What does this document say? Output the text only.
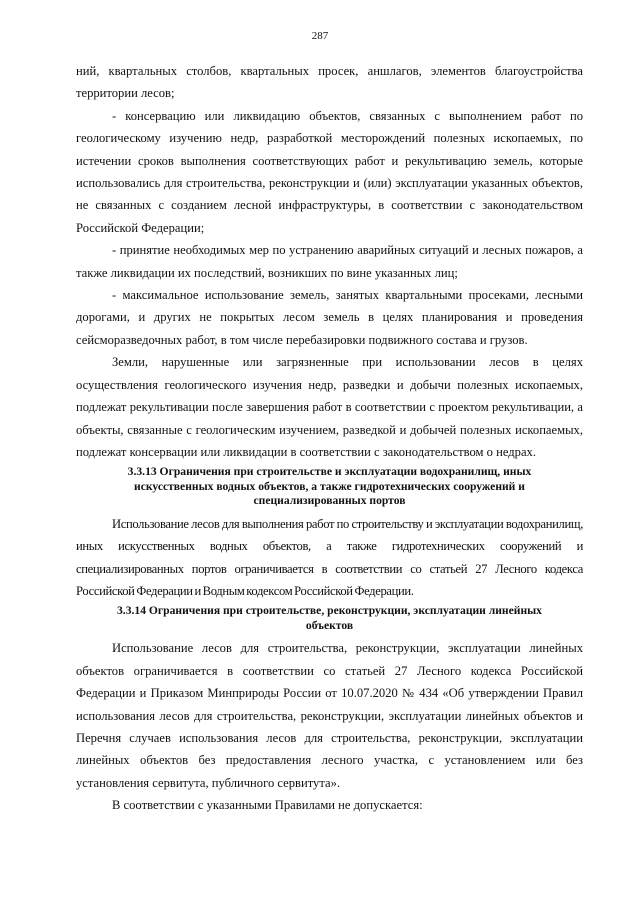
287

ний, квартальных столбов, квартальных просек, аншлагов, элементов благоустройства территории лесов;

- консервацию или ликвидацию объектов, связанных с выполнением работ по геологическому изучению недр, разработкой месторождений полезных ископаемых, по истечении сроков выполнения соответствующих работ и рекультивацию земель, которые использовались для строительства, реконструкции и (или) эксплуатации указанных объектов, не связанных с созданием лесной инфраструктуры, в соответствии с законодательством Российской Федерации;

- принятие необходимых мер по устранению аварийных ситуаций и лесных пожаров, а также ликвидации их последствий, возникших по вине указанных лиц;

- максимальное использование земель, занятых квартальными просеками, лесными дорогами, и других не покрытых лесом земель в целях планирования и проведения сейсморазведочных работ, в том числе перебазировки подвижного состава и грузов.

Земли, нарушенные или загрязненные при использовании лесов в целях осуществления геологического изучения недр, разведки и добычи полезных ископаемых, подлежат рекультивации после завершения работ в соответствии с проектом рекультивации, а объекты, связанные с геологическим изучением, разведкой и добычей полезных ископаемых, подлежат консервации или ликвидации в соответствии с законодательством о недрах.

3.3.13 Ограничения при строительстве и эксплуатации водохранилищ, иных искусственных водных объектов, а также гидротехнических сооружений и специализированных портов

Использование лесов для выполнения работ по строительству и эксплуатации водохранилищ, иных искусственных водных объектов, а также гидротехнических сооружений и специализированных портов ограничивается в соответствии со статьей 27 Лесного кодекса Российской Федерации и Водным кодексом Российской Федерации.

3.3.14 Ограничения при строительстве, реконструкции, эксплуатации линейных объектов

Использование лесов для строительства, реконструкции, эксплуатации линейных объектов ограничивается в соответствии со статьей 27 Лесного кодекса Российской Федерации и Приказом Минприроды России от 10.07.2020 № 434 «Об утверждении Правил использования лесов для строительства, реконструкции, эксплуатации линейных объектов и Перечня случаев использования лесов для строительства, реконструкции, эксплуатации линейных объектов без предоставления лесного участка, с установлением или без установления сервитута, публичного сервитута».

В соответствии с указанными Правилами не допускается:
